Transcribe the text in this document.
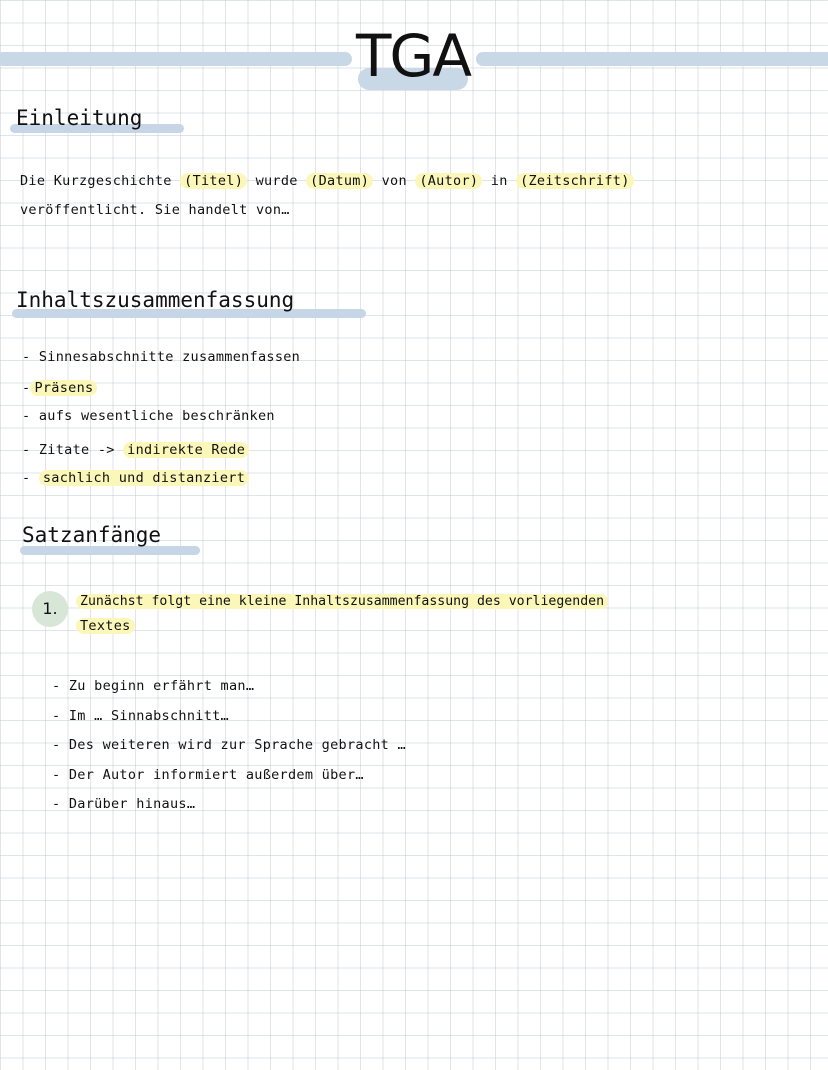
TGA
Einleitung
Die Kurzgeschichte (Titel) wurde (Datum) von (Autor) in (Zeitschrift)
veröffentlicht. Sie handelt von…
Inhaltszusammenfassung
- Sinnesabschnitte zusammenfassen
- Präsens
- aufs wesentliche beschränken
- Zitate -> indirekte Rede
- sachlich und distanziert
Satzanfänge
1.	Zunächst folgt eine kleine Inhaltszusammenfassung des vorliegenden
Textes
- Zu beginn erfährt man…
- Im … Sinnabschnitt…
- Des weiteren wird zur Sprache gebracht …
- Der Autor informiert außerdem über…
- Darüber hinaus…
